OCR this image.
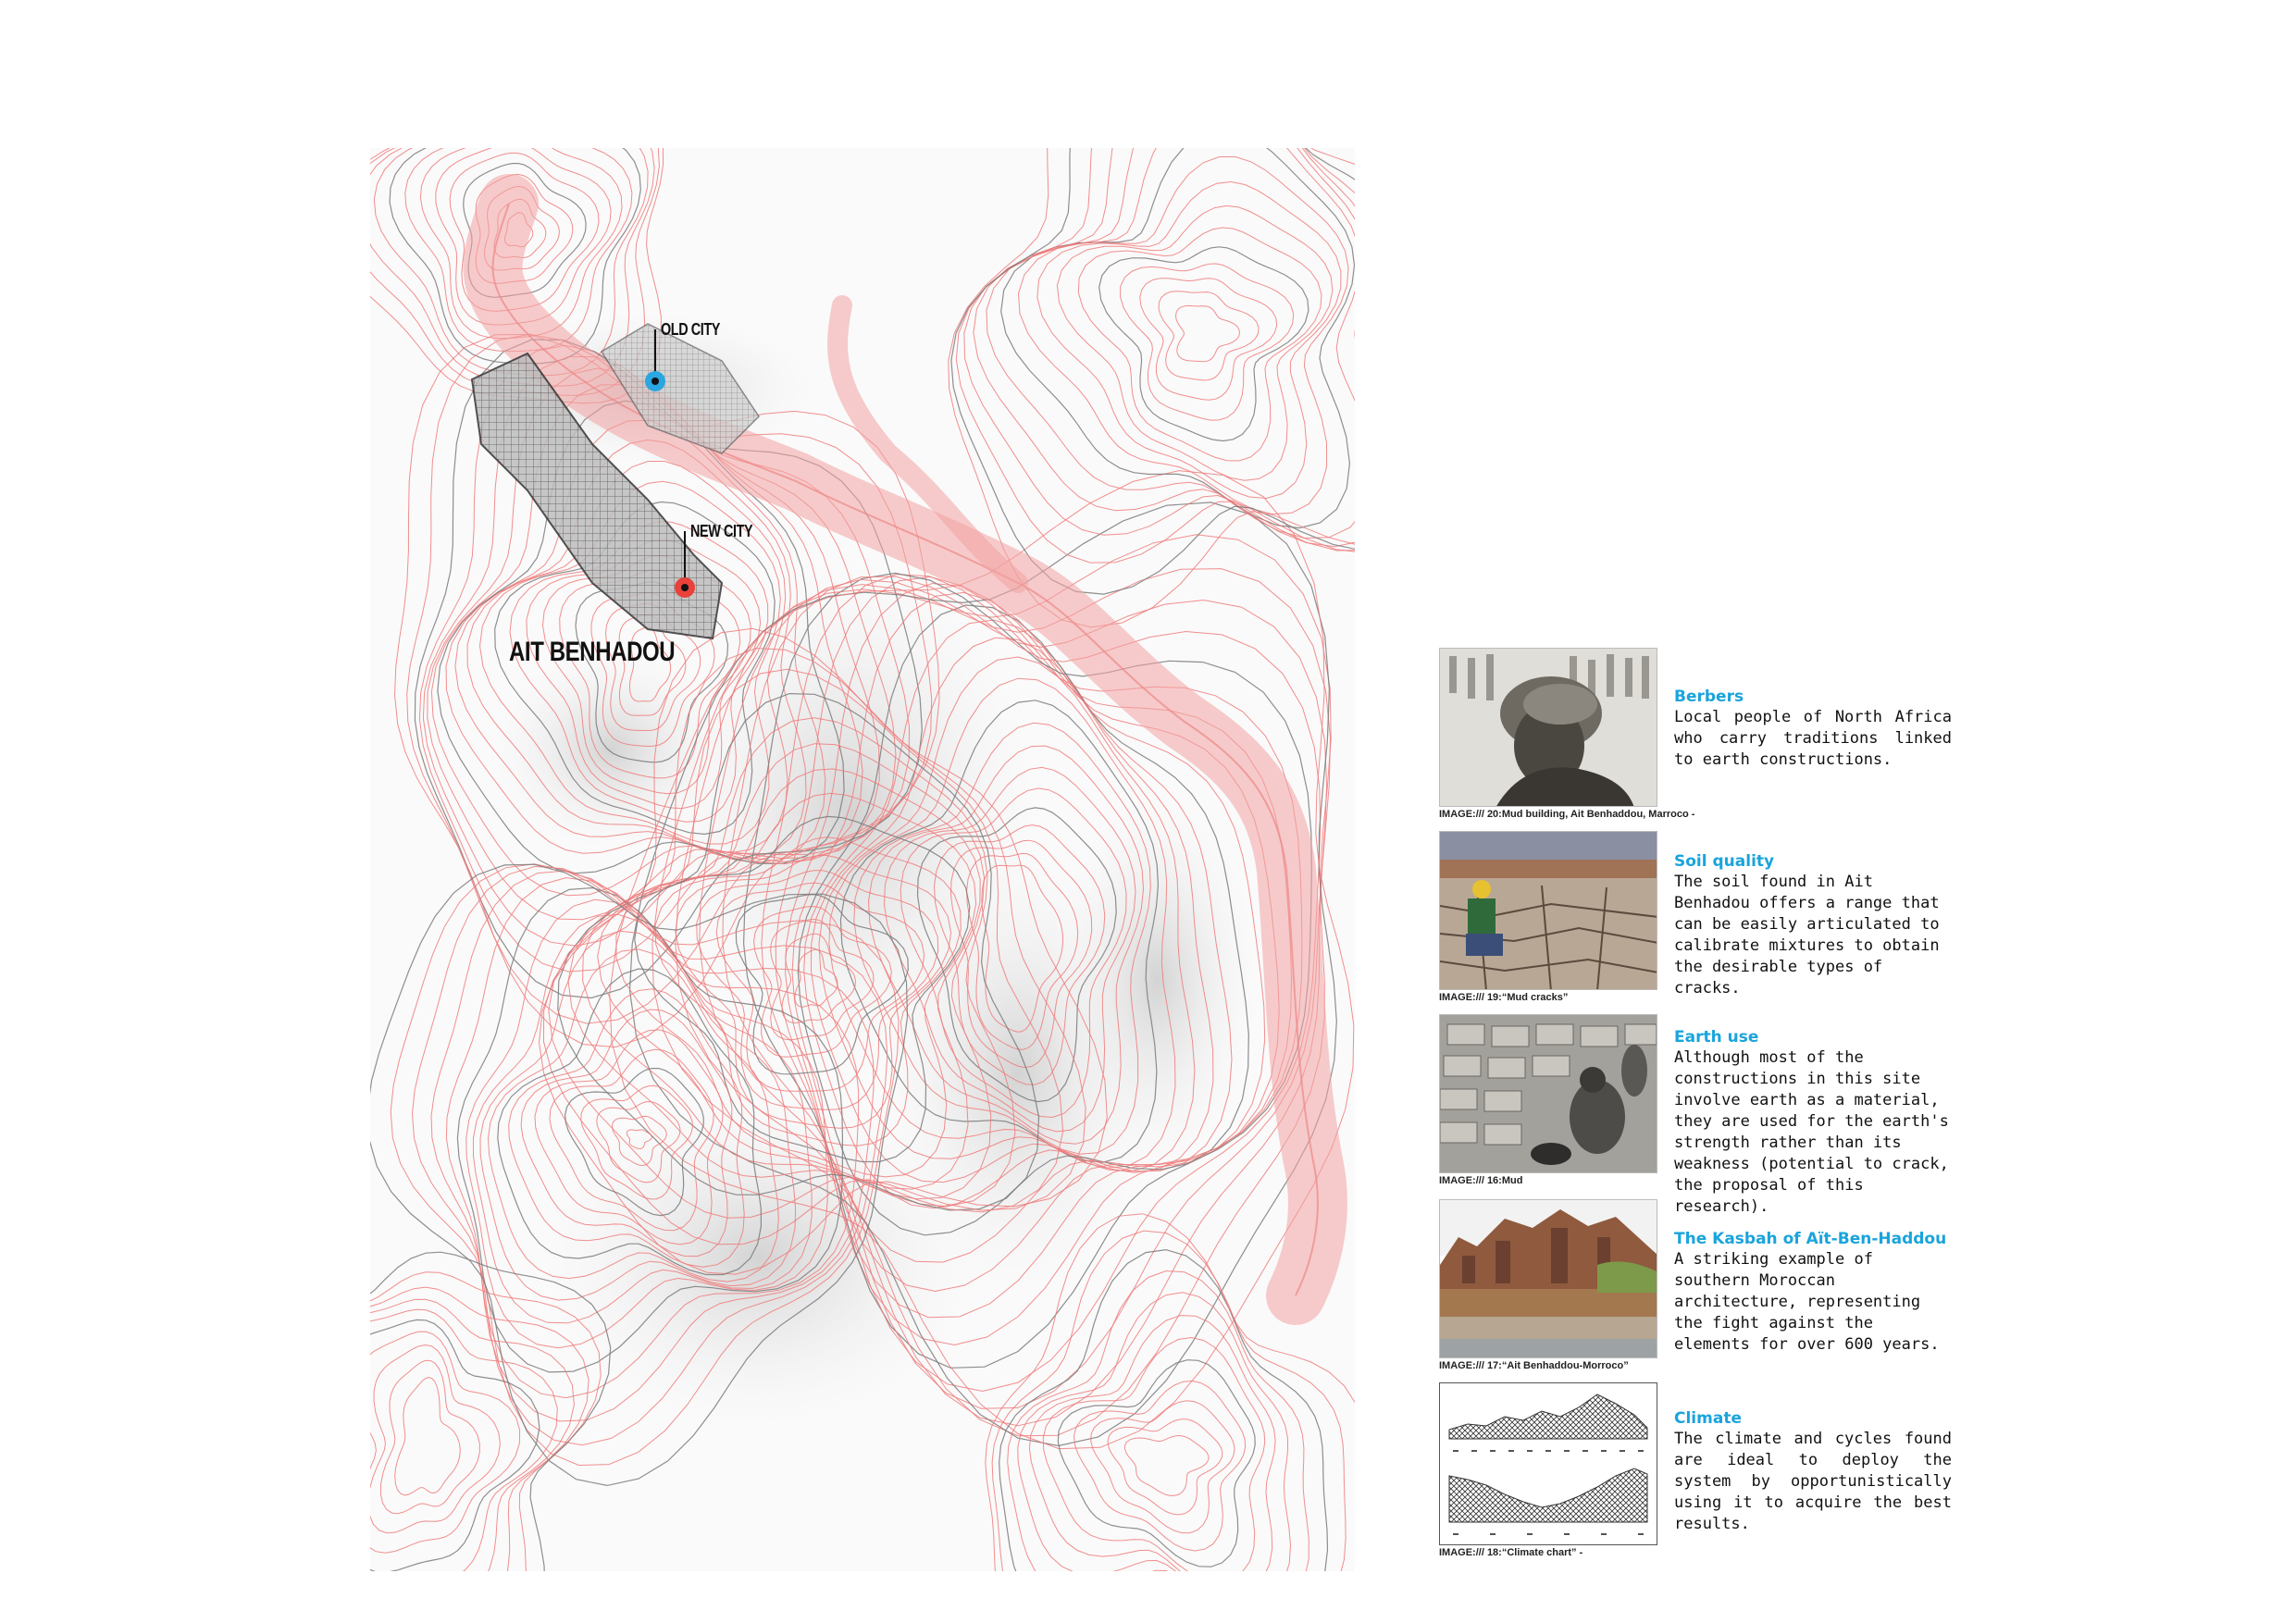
OLD CITY
NEW CITY
AIT BENHADOU
IMAGE:/// 20:Mud building, Ait Benhaddou, Marroco -
Berbers
Local people of North Africa who carry traditions linked to earth constructions.
IMAGE:/// 19:“Mud cracks”
Soil quality
The soil found in Ait Benhadou offers a range that can be easily articulated to calibrate mixtures to obtain the desirable types of cracks.
IMAGE:/// 16:Mud
Earth use
Although most of the constructions in this site involve earth as a material, they are used for the earth's strength rather than its weakness (potential to crack, the proposal of this research).
IMAGE:/// 17:“Ait Benhaddou-Morroco”
The Kasbah of Aït-Ben-Haddou
A striking example of southern Moroccan architecture, representing the fight against the elements for over 600 years.
IMAGE:/// 18:“Climate chart” -
Climate
The climate and cycles found are ideal to deploy the system by opportunistically using it to acquire the best results.
